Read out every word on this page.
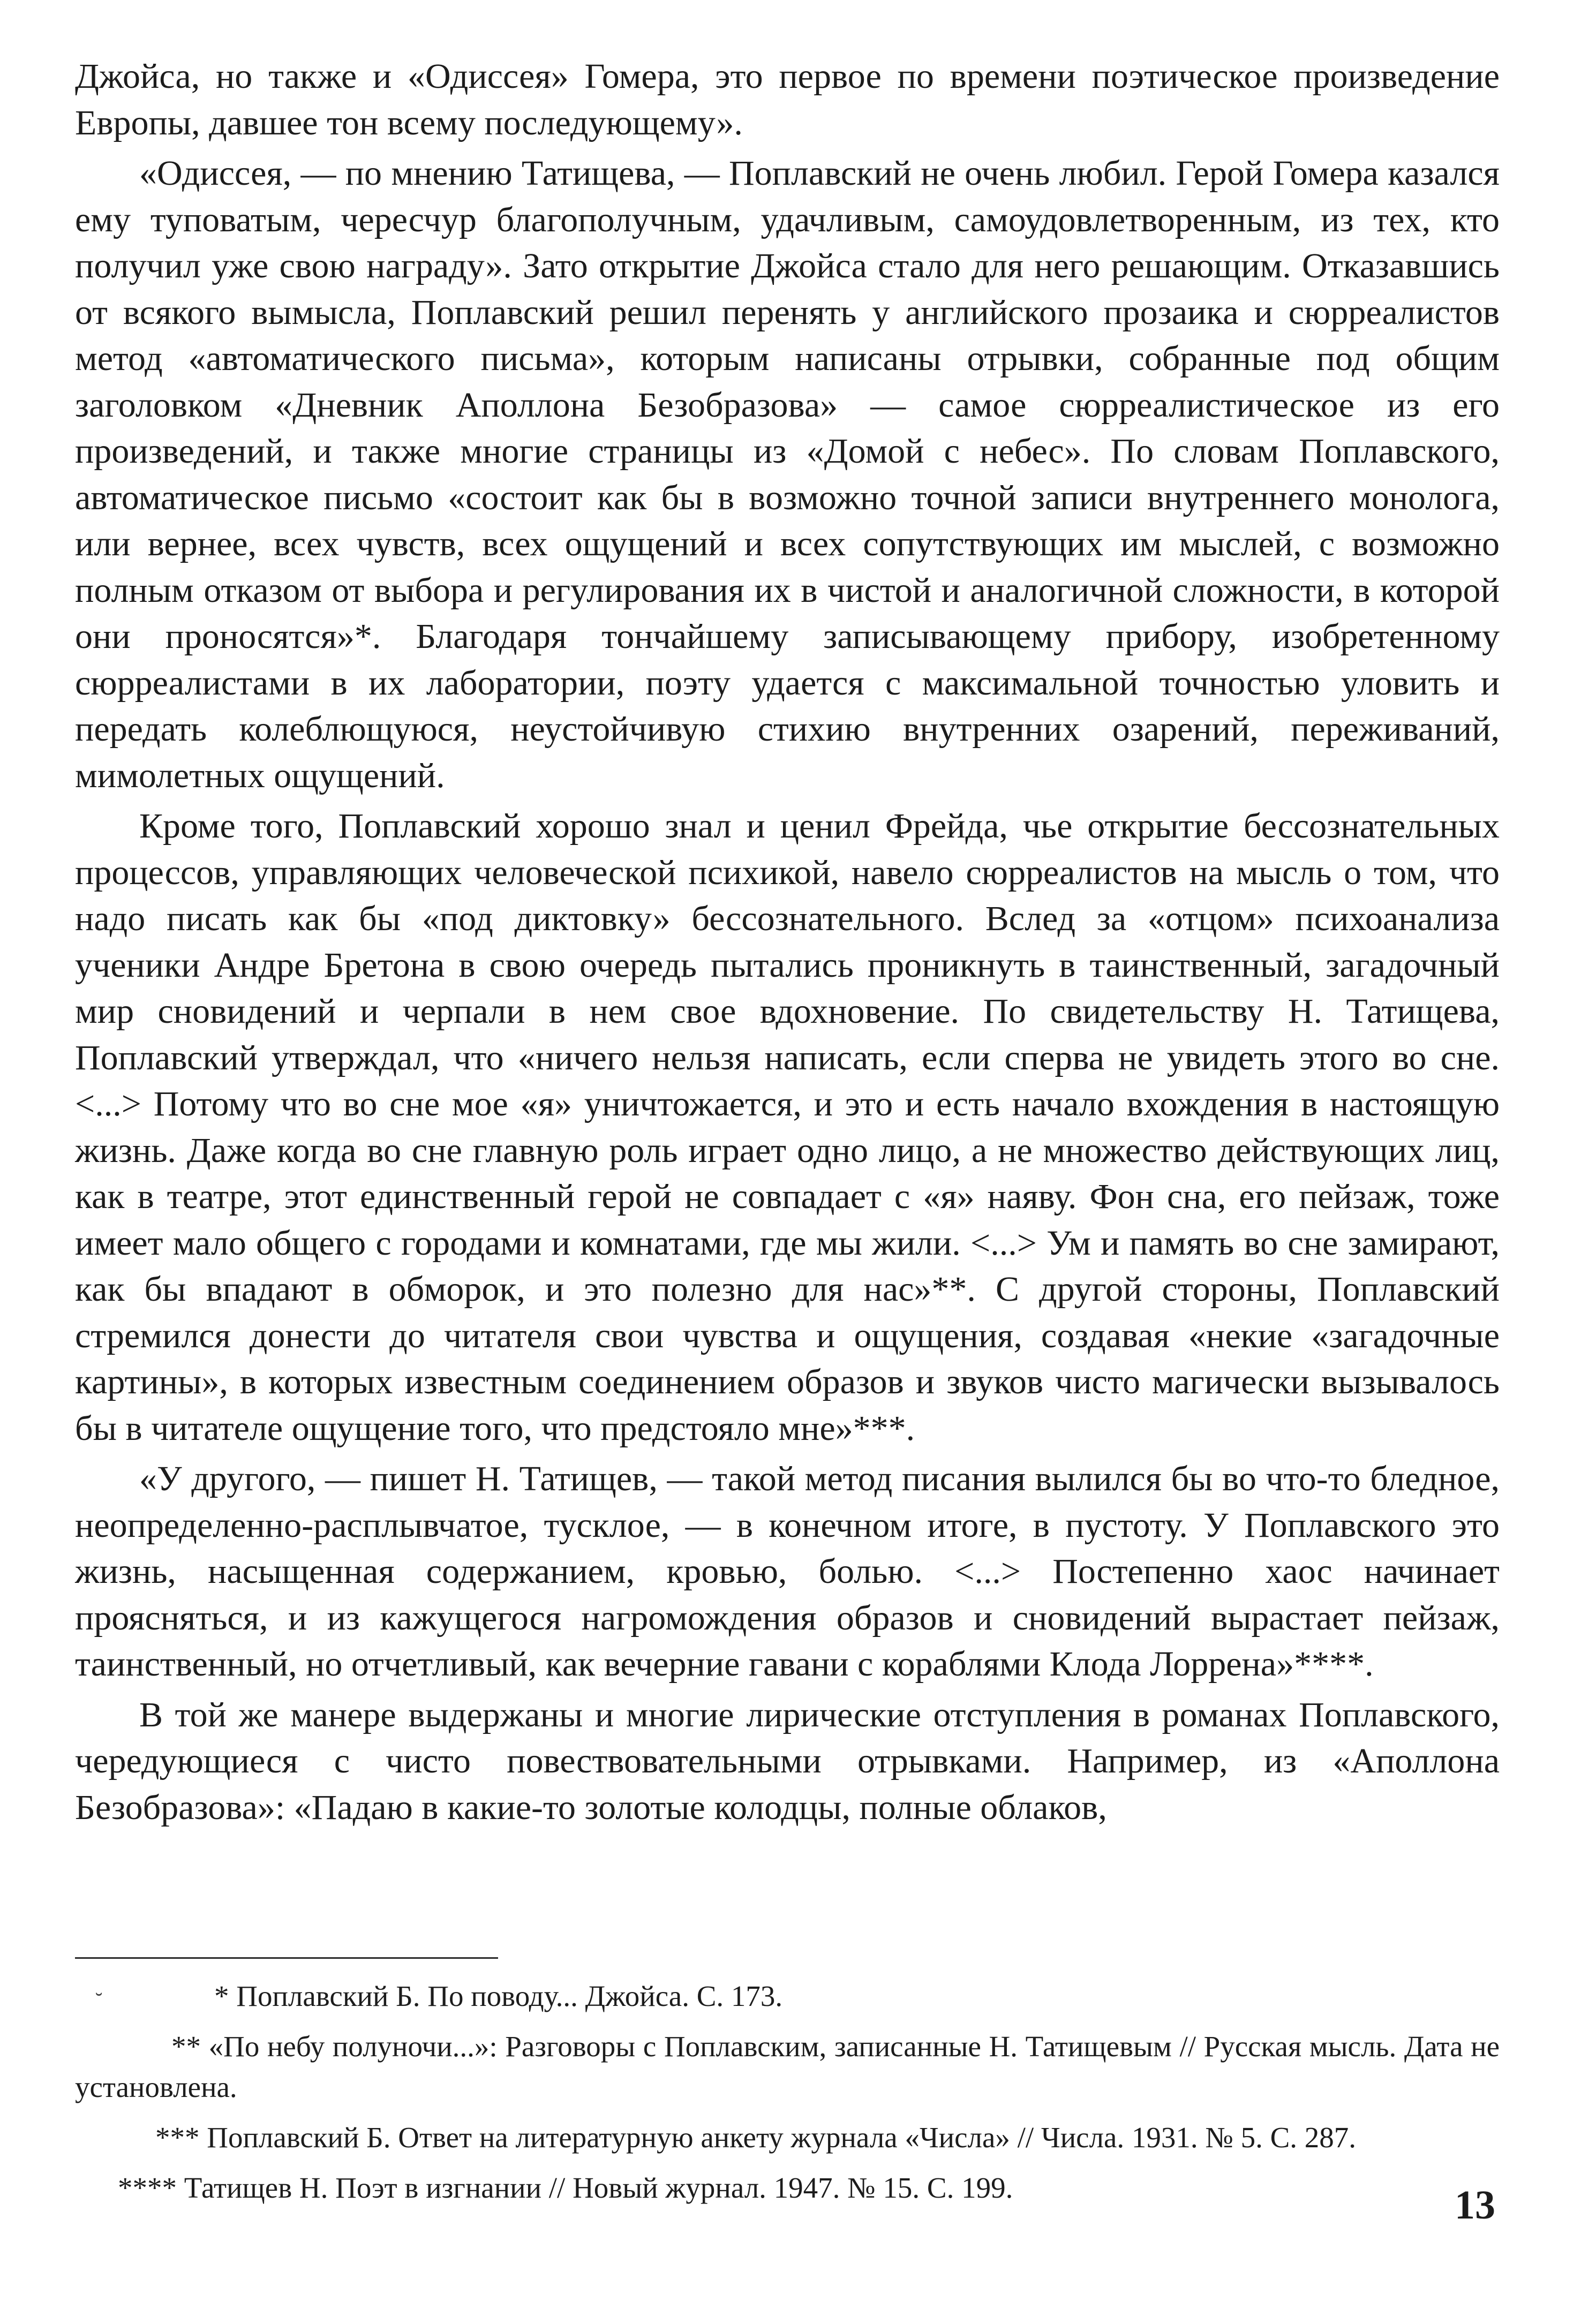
Джойса, но также и «Одиссея» Гомера, это первое по времени поэтическое произведение Европы, давшее тон всему последующему».

«Одиссея, — по мнению Татищева, — Поплавский не очень любил. Герой Гомера казался ему туповатым, чересчур благополучным, удачливым, самоудовлетворенным, из тех, кто получил уже свою награду». Зато открытие Джойса стало для него решающим. Отказавшись от всякого вымысла, Поплавский решил перенять у английского прозаика и сюрреалистов метод «автоматического письма», которым написаны отрывки, собранные под общим заголовком «Дневник Аполлона Безобразова» — самое сюрреалистическое из его произведений, и также многие страницы из «Домой с небес». По словам Поплавского, автоматическое письмо «состоит как бы в возможно точной записи внутреннего монолога, или вернее, всех чувств, всех ощущений и всех сопутствующих им мыслей, с возможно полным отказом от выбора и регулирования их в чистой и аналогичной сложности, в которой они проносятся»*. Благодаря тончайшему записывающему прибору, изобретенному сюрреалистами в их лаборатории, поэту удается с максимальной точностью уловить и передать колеблющуюся, неустойчивую стихию внутренних озарений, переживаний, мимолетных ощущений.

Кроме того, Поплавский хорошо знал и ценил Фрейда, чье открытие бессознательных процессов, управляющих человеческой психикой, навело сюрреалистов на мысль о том, что надо писать как бы «под диктовку» бессознательного. Вслед за «отцом» психоанализа ученики Андре Бретона в свою очередь пытались проникнуть в таинственный, загадочный мир сновидений и черпали в нем свое вдохновение. По свидетельству Н. Татищева, Поплавский утверждал, что «ничего нельзя написать, если сперва не увидеть этого во сне. <...> Потому что во сне мое «я» уничтожается, и это и есть начало вхождения в настоящую жизнь. Даже когда во сне главную роль играет одно лицо, а не множество действующих лиц, как в театре, этот единственный герой не совпадает с «я» наяву. Фон сна, его пейзаж, тоже имеет мало общего с городами и комнатами, где мы жили. <...> Ум и память во сне замирают, как бы впадают в обморок, и это полезно для нас»**. С другой стороны, Поплавский стремился донести до читателя свои чувства и ощущения, создавая «некие «загадочные картины», в которых известным соединением образов и звуков чисто магически вызывалось бы в читателе ощущение того, что предстояло мне»***.

«У другого, — пишет Н. Татищев, — такой метод писания вылился бы во что-то бледное, неопределенно-расплывчатое, тусклое, — в конечном итоге, в пустоту. У Поплавского это жизнь, насыщенная содержанием, кровью, болью. <...> Постепенно хаос начинает проясняться, и из кажущегося нагромождения образов и сновидений вырастает пейзаж, таинственный, но отчетливый, как вечерние гавани с кораблями Клода Лоррена»****.

В той же манере выдержаны и многие лирические отступления в романах Поплавского, чередующиеся с чисто повествовательными отрывками. Например, из «Аполлона Безобразова»: «Падаю в какие-то золотые колодцы, полные облаков,

˘	* Поплавский Б. По поводу... Джойса. С. 173.

** «По небу полуночи...»: Разговоры с Поплавским, записанные Н. Татищевым // Русская мысль. Дата не установлена.

*** Поплавский Б. Ответ на литературную анкету журнала «Числа» // Числа. 1931. № 5. С. 287.

**** Татищев Н. Поэт в изгнании // Новый журнал. 1947. № 15. С. 199.	13
